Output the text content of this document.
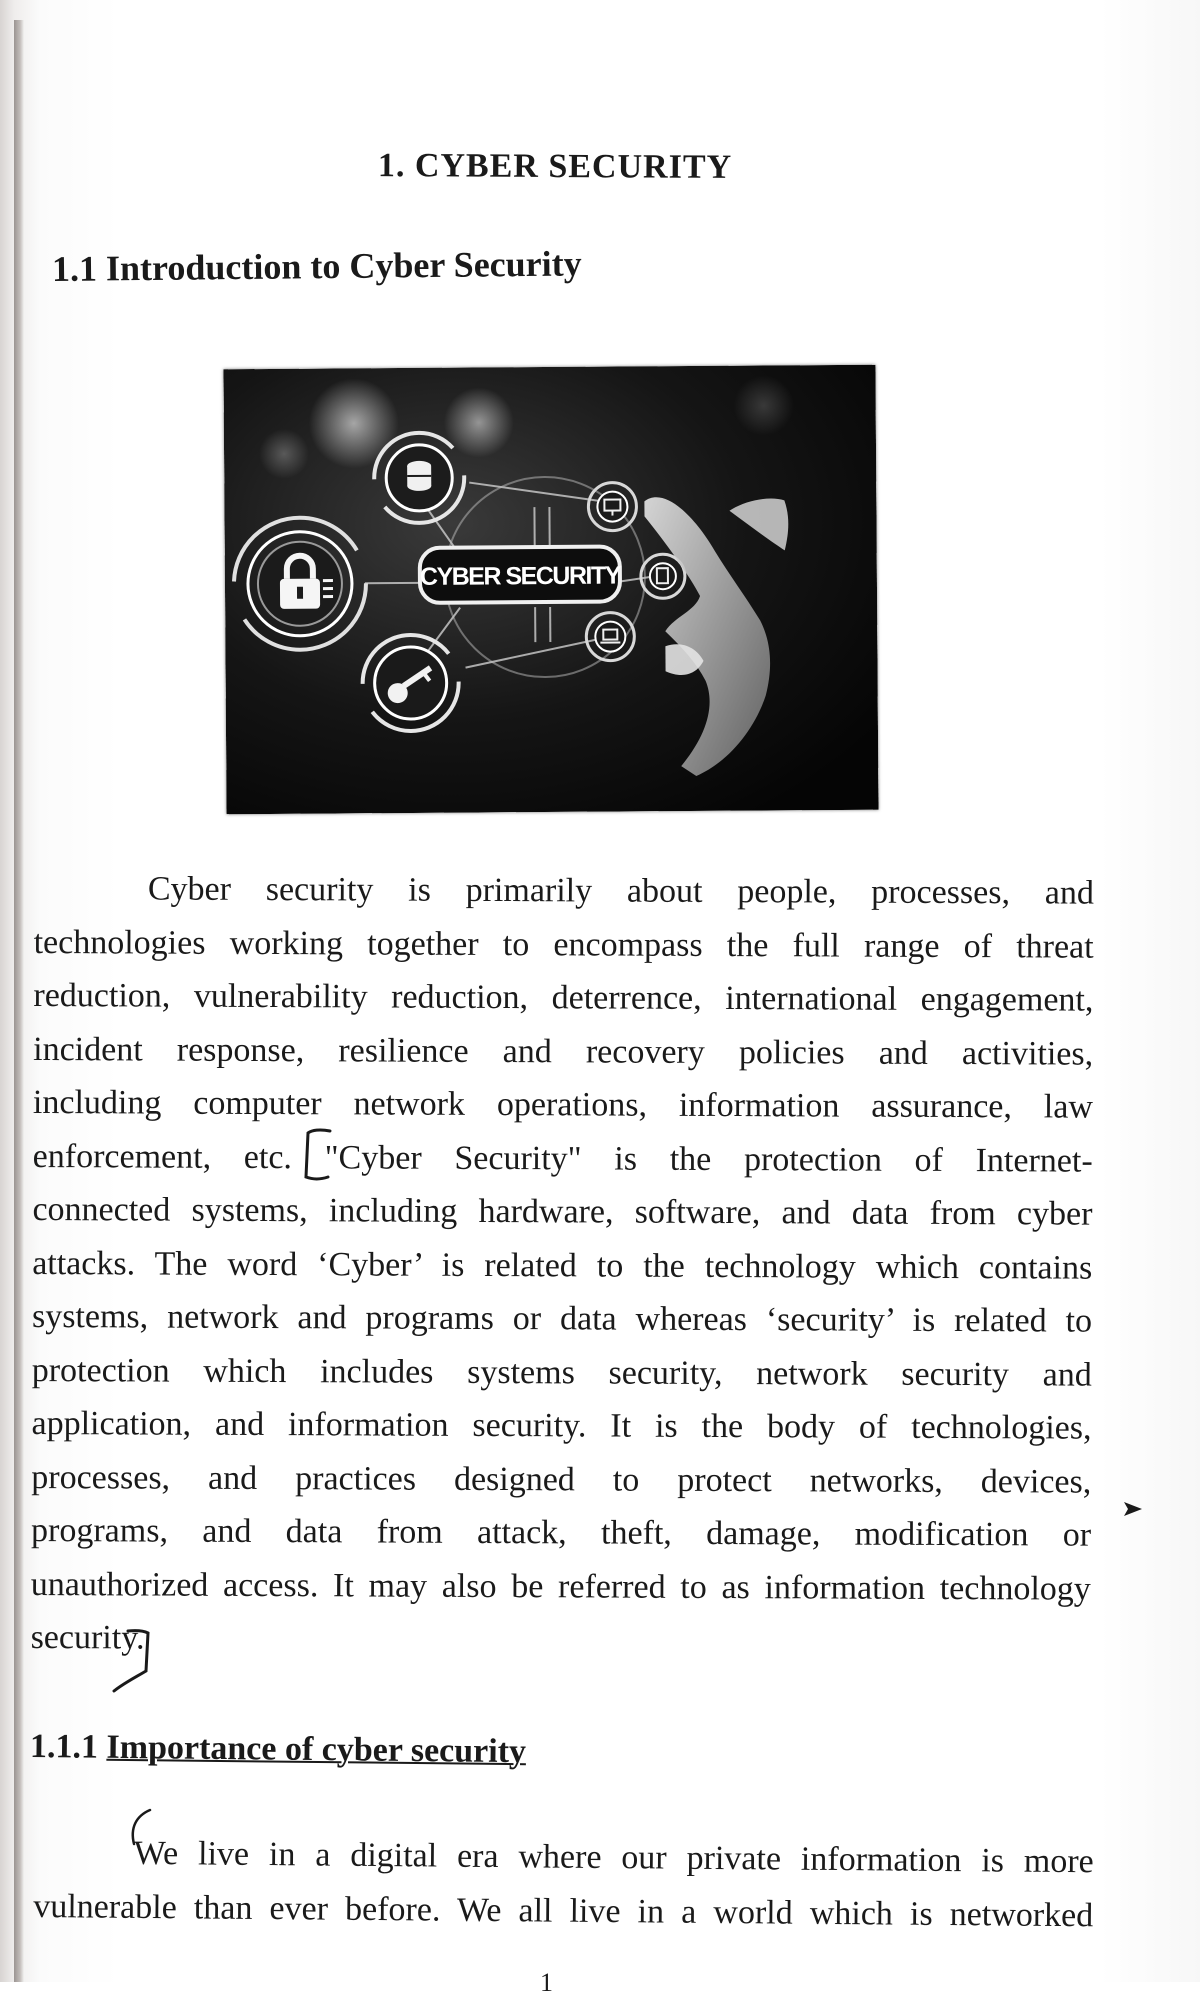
1. CYBER SECURITY
1.1 Introduction to Cyber Security
CYBER SECURITY
Cyber security is primarily about people, processes, and
technologies working together to encompass the full range of threat
reduction, vulnerability reduction, deterrence, international engagement,
incident response, resilience and recovery policies and activities,
including computer network operations, information assurance, law
enforcement, etc. "Cyber Security" is the protection of Internet-
connected systems, including hardware, software, and data from cyber
attacks. The word ‘Cyber’ is related to the technology which contains
systems, network and programs or data whereas ‘security’ is related to
protection which includes systems security, network security and
application, and information security. It is the body of technologies,
processes, and practices designed to protect networks, devices,
programs, and data from attack, theft, damage, modification or
unauthorized access. It may also be referred to as information technology
security.
1.1.1 Importance of cyber security
We live in a digital era where our private information is more
vulnerable than ever before. We all live in a world which is networked
1
